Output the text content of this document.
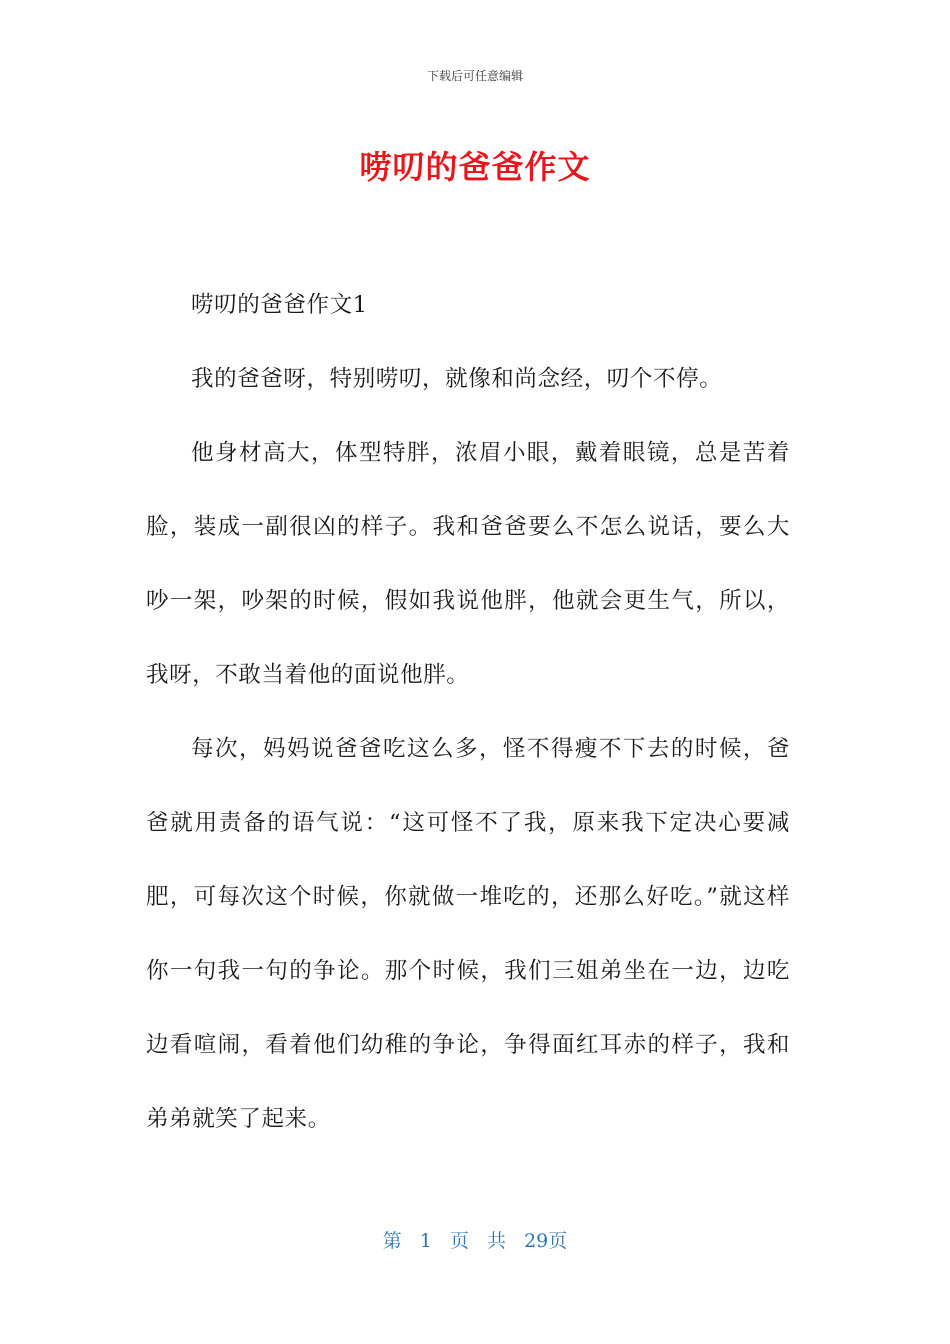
下载后可任意编辑
唠叨的爸爸作文

唠叨的爸爸作文1

我的爸爸呀，特别唠叨，就像和尚念经，叨个不停。

他身材高大，体型特胖，浓眉小眼，戴着眼镜，总是苦着脸，装成一副很凶的样子。我和爸爸要么不怎么说话，要么大吵一架，吵架的时候，假如我说他胖，他就会更生气，所以，我呀，不敢当着他的面说他胖。

每次，妈妈说爸爸吃这么多，怪不得瘦不下去的时候，爸爸就用责备的语气说：“这可怪不了我，原来我下定决心要减肥，可每次这个时候，你就做一堆吃的，还那么好吃。”就这样你一句我一句的争论。那个时候，我们三姐弟坐在一边，边吃边看喧闹，看着他们幼稚的争论，争得面红耳赤的样子，我和弟弟就笑了起来。

第 1 页 共 29页
